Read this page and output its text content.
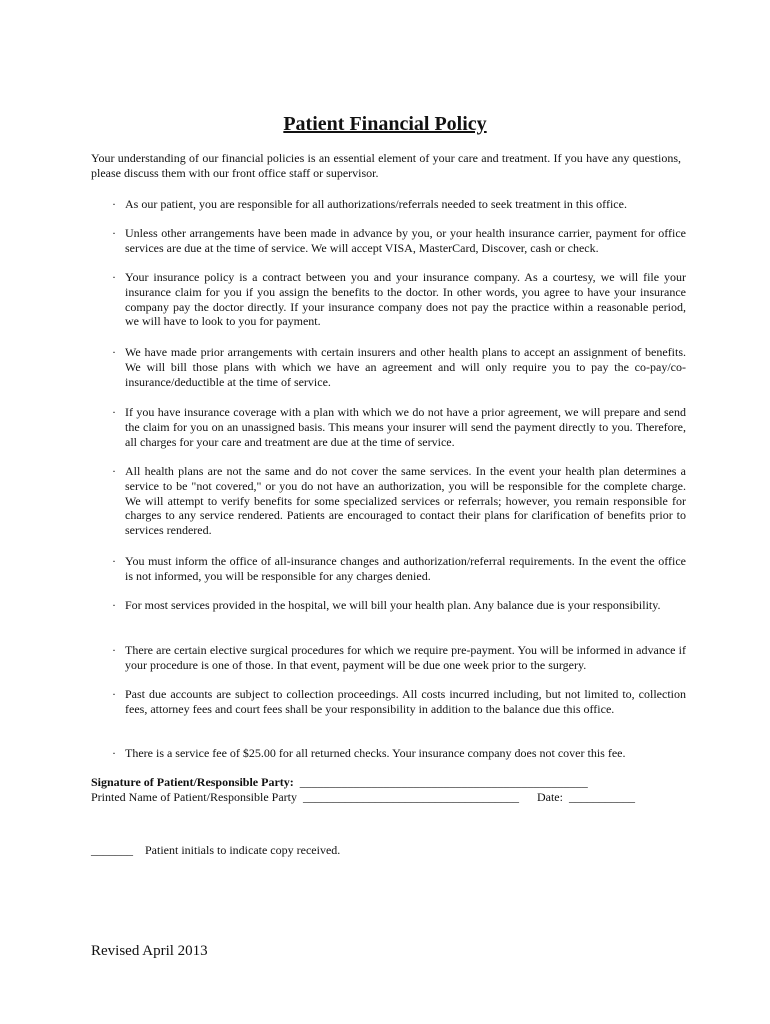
Patient Financial Policy
Your understanding of our financial policies is an essential element of your care and treatment. If you have any questions, please discuss them with our front office staff or supervisor.
· As our patient, you are responsible for all authorizations/referrals needed to seek treatment in this office.
· Unless other arrangements have been made in advance by you, or your health insurance carrier, payment for office services are due at the time of service. We will accept VISA, MasterCard, Discover, cash or check.
· Your insurance policy is a contract between you and your insurance company. As a courtesy, we will file your insurance claim for you if you assign the benefits to the doctor. In other words, you agree to have your insurance company pay the doctor directly. If your insurance company does not pay the practice within a reasonable period, we will have to look to you for payment.
· We have made prior arrangements with certain insurers and other health plans to accept an assignment of benefits. We will bill those plans with which we have an agreement and will only require you to pay the co-pay/co-insurance/deductible at the time of service.
· If you have insurance coverage with a plan with which we do not have a prior agreement, we will prepare and send the claim for you on an unassigned basis. This means your insurer will send the payment directly to you. Therefore, all charges for your care and treatment are due at the time of service.
· All health plans are not the same and do not cover the same services. In the event your health plan determines a service to be "not covered," or you do not have an authorization, you will be responsible for the complete charge. We will attempt to verify benefits for some specialized services or referrals; however, you remain responsible for charges to any service rendered. Patients are encouraged to contact their plans for clarification of benefits prior to services rendered.
· You must inform the office of all-insurance changes and authorization/referral requirements. In the event the office is not informed, you will be responsible for any charges denied.
· For most services provided in the hospital, we will bill your health plan. Any balance due is your responsibility.
· There are certain elective surgical procedures for which we require pre-payment. You will be informed in advance if your procedure is one of those. In that event, payment will be due one week prior to the surgery.
· Past due accounts are subject to collection proceedings. All costs incurred including, but not limited to, collection fees, attorney fees and court fees shall be your responsibility in addition to the balance due this office.
· There is a service fee of $25.00 for all returned checks. Your insurance company does not cover this fee.
Signature of Patient/Responsible Party: ________________________________________________
Printed Name of Patient/Responsible Party ____________________________________ Date: ___________
_______ Patient initials to indicate copy received.
Revised April 2013
